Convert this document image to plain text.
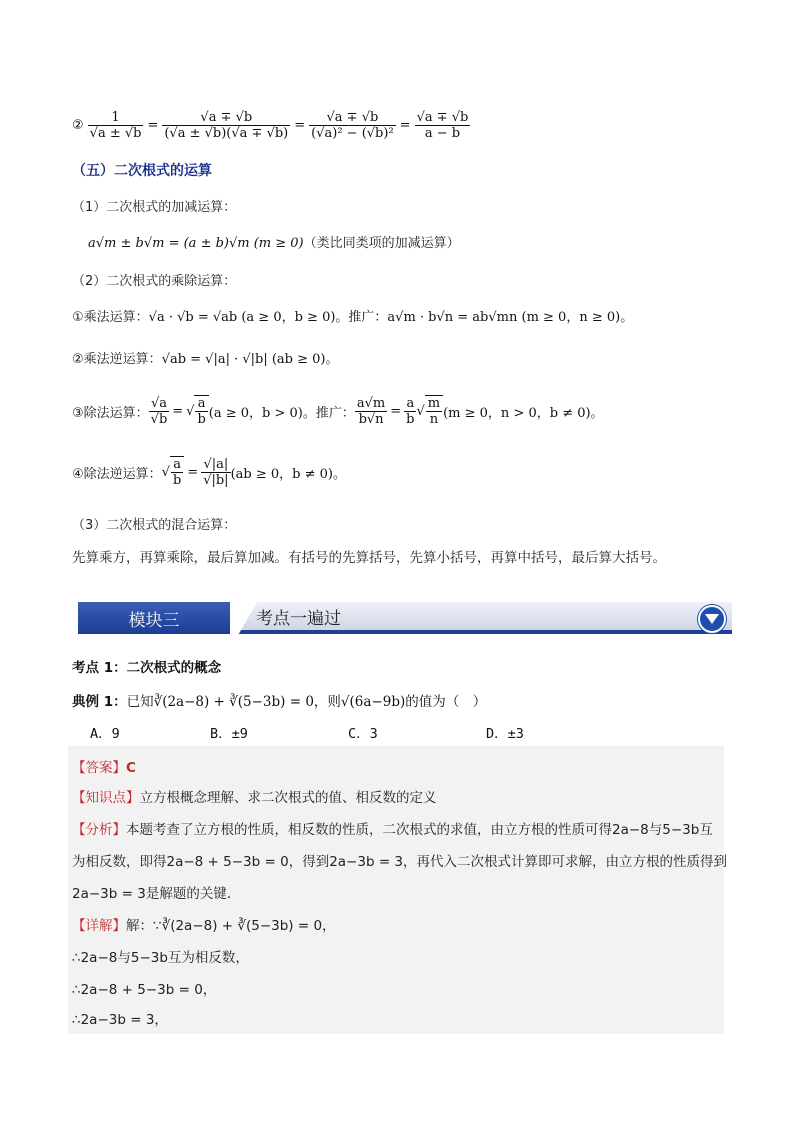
② $\frac{1}{√a \pm √b} = \frac{√a \mp √b}{(√a \pm √b)(√a \mp √b)} = \frac{√a \mp √b}{\text{(√a)² − (√b)²}} = \frac{√a \mp √b}{a - b}$
（五）二次根式的运算
（1）二次根式的加减运算：
a√m ± b√m = (a ± b)√m (m ≥ 0)（类比同类项的加减运算）
（2）二次根式的乘除运算：
①乘法运算：√a · √b = √ab (a ≥ 0，b ≥ 0)。推广：a√m · b√n = ab√mn (m ≥ 0，n ≥ 0)。
②乘法逆运算：√ab = √|a| · √|b| (ab ≥ 0)。
③除法运算： $\frac{√a}{√b}$ = √ $\frac{a}{b} (a \ge 0$，b > 0)。推广： $\frac{a√m}{b√n} = \frac{a}{b}$ √ $\frac{m}{n} (m \ge 0$，n > 0，b ≠ 0)。
④除法逆运算： √ $\frac{a}{b} = \frac{√|a|}{√|b|} (ab \ge 0$，b ≠ 0)。
（3）二次根式的混合运算：
先算乘方，再算乘除，最后算加减。有括号的先算括号，先算小括号，再算中括号，最后算大括号。
考点一遍过
模块三
考点 1：二次根式的概念
典例 1：已知∛(2a−8) + ∛(5−3b) = 0，则√(6a−9b)的值为（　）
A．9	B．±9	C．3	D．±3
【答案】C
【知识点】立方根概念理解、求二次根式的值、相反数的定义
【分析】本题考查了立方根的性质，相反数的性质，二次根式的求值，由立方根的性质可得2a−8与5−3b互
为相反数，即得2a−8 + 5−3b = 0，得到2a−3b = 3，再代入二次根式计算即可求解，由立方根的性质得到
2a−3b = 3是解题的关键．
【详解】解：∵∛(2a−8) + ∛(5−3b) = 0，
∴2a−8与5−3b互为相反数，
∴2a−8 + 5−3b = 0，
∴2a−3b = 3，
